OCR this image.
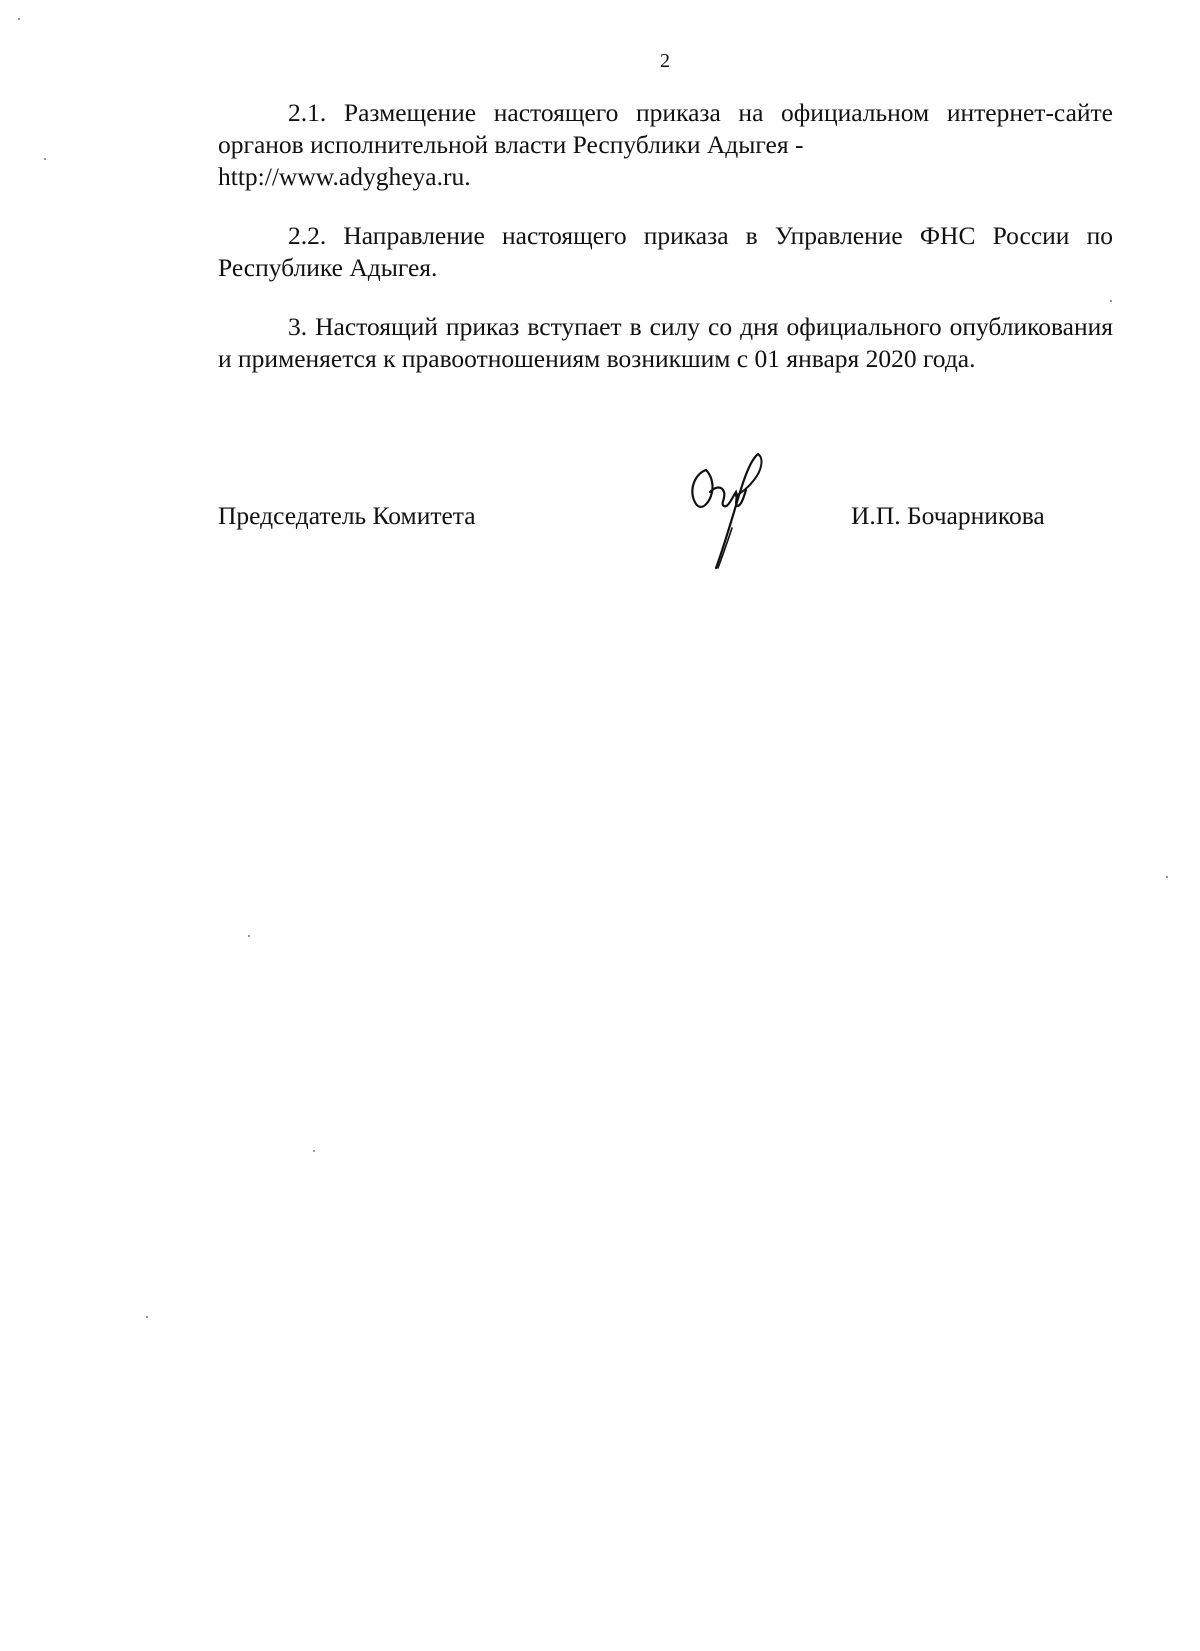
2
2.1. Размещение настоящего приказа на официальном интернет-сайте органов исполнительной власти Республики Адыгея -
http://www.adygheya.ru.
2.2. Направление настоящего приказа в Управление ФНС России по Республике Адыгея.
3. Настоящий приказ вступает в силу со дня официального опубликования и применяется к правоотношениям возникшим с 01 января 2020 года.
Председатель Комитета	И.П. Бочарникова
